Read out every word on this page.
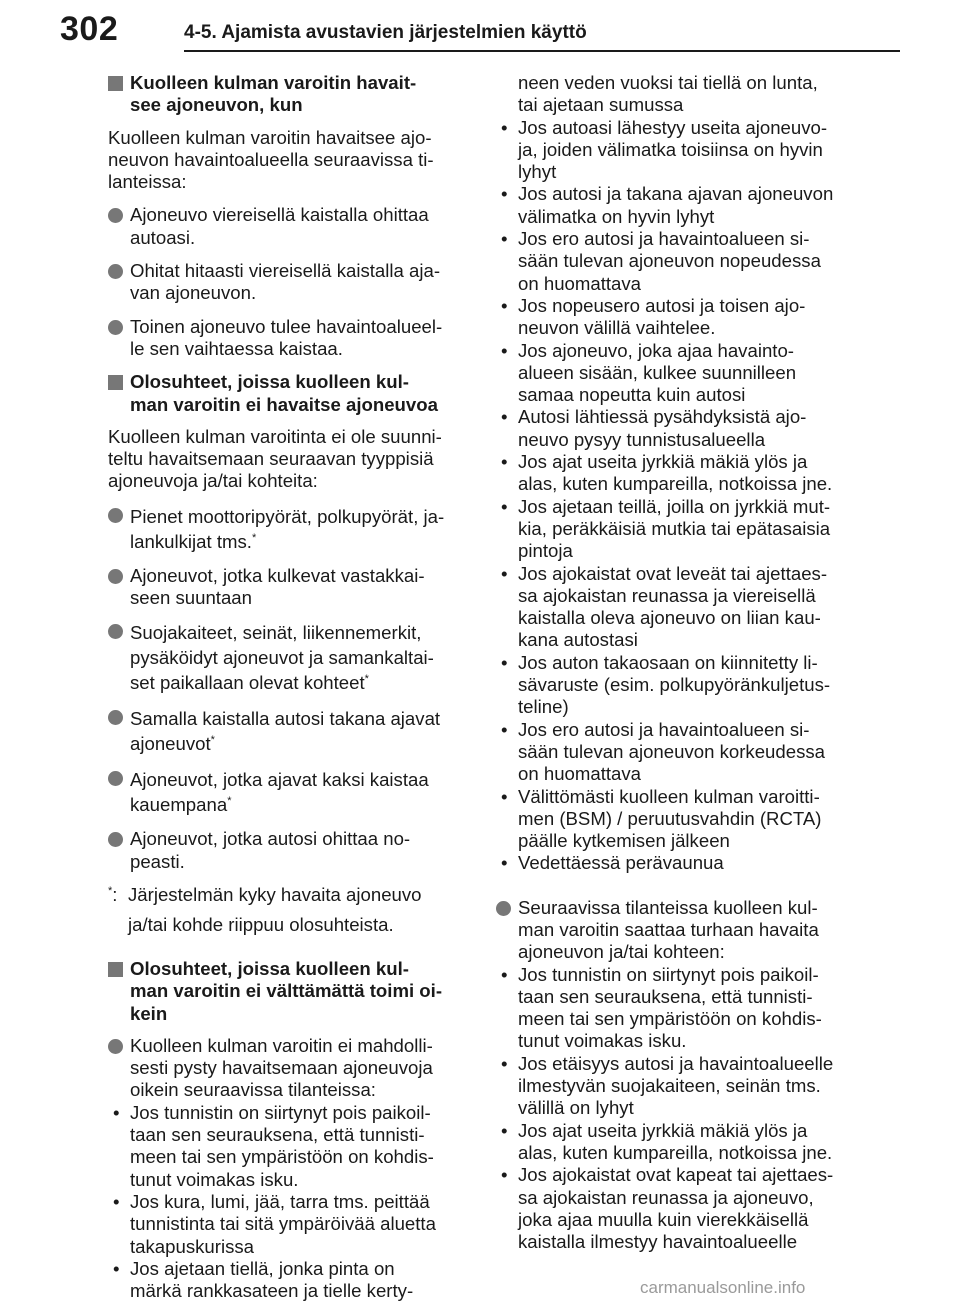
302	4-5. Ajamista avustavien järjestelmien käyttö
Kuolleen kulman varoitin havait-
see ajoneuvon, kun
Kuolleen kulman varoitin havaitsee ajo-
neuvon havaintoalueella seuraavissa ti-
lanteissa:
Ajoneuvo viereisellä kaistalla ohittaa
autoasi.
Ohitat hitaasti viereisellä kaistalla aja-
van ajoneuvon.
Toinen ajoneuvo tulee havaintoalueel-
le sen vaihtaessa kaistaa.
Olosuhteet, joissa kuolleen kul-
man varoitin ei havaitse ajoneuvoa
Kuolleen kulman varoitinta ei ole suunni-
teltu havaitsemaan seuraavan tyyppisiä
ajoneuvoja ja/tai kohteita:
Pienet moottoripyörät, polkupyörät, ja-
lankulkijat tms.*
Ajoneuvot, jotka kulkevat vastakkai-
seen suuntaan
Suojakaiteet, seinät, liikennemerkit,
pysäköidyt ajoneuvot ja samankaltai-
set paikallaan olevat kohteet*
Samalla kaistalla autosi takana ajavat
ajoneuvot*
Ajoneuvot, jotka ajavat kaksi kaistaa
kauempana*
Ajoneuvot, jotka autosi ohittaa no-
peasti.
*: Järjestelmän kyky havaita ajoneuvo
ja/tai kohde riippuu olosuhteista.
Olosuhteet, joissa kuolleen kul-
man varoitin ei välttämättä toimi oi-
kein
Kuolleen kulman varoitin ei mahdolli-
sesti pysty havaitsemaan ajoneuvoja
oikein seuraavissa tilanteissa:
• Jos tunnistin on siirtynyt pois paikoil-
taan sen seurauksena, että tunnisti-
meen tai sen ympäristöön on kohdis-
tunut voimakas isku.
• Jos kura, lumi, jää, tarra tms. peittää
tunnistinta tai sitä ympäröivää aluetta
takapuskurissa
• Jos ajetaan tiellä, jonka pinta on
märkä rankkasateen ja tielle kerty-
neen veden vuoksi tai tiellä on lunta,
tai ajetaan sumussa
• Jos autoasi lähestyy useita ajoneuvo-
ja, joiden välimatka toisiinsa on hyvin
lyhyt
• Jos autosi ja takana ajavan ajoneuvon
välimatka on hyvin lyhyt
• Jos ero autosi ja havaintoalueen si-
sään tulevan ajoneuvon nopeudessa
on huomattava
• Jos nopeusero autosi ja toisen ajo-
neuvon välillä vaihtelee.
• Jos ajoneuvo, joka ajaa havainto-
alueen sisään, kulkee suunnilleen
samaa nopeutta kuin autosi
• Autosi lähtiessä pysähdyksistä ajo-
neuvo pysyy tunnistusalueella
• Jos ajat useita jyrkkiä mäkiä ylös ja
alas, kuten kumpareilla, notkoissa jne.
• Jos ajetaan teillä, joilla on jyrkkiä mut-
kia, peräkkäisiä mutkia tai epätasaisia
pintoja
• Jos ajokaistat ovat leveät tai ajettaes-
sa ajokaistan reunassa ja viereisellä
kaistalla oleva ajoneuvo on liian kau-
kana autostasi
• Jos auton takaosaan on kiinnitetty li-
sävaruste (esim. polkupyöränkuljetus-
teline)
• Jos ero autosi ja havaintoalueen si-
sään tulevan ajoneuvon korkeudessa
on huomattava
• Välittömästi kuolleen kulman varoitti-
men (BSM) / peruutusvahdin (RCTA)
päälle kytkemisen jälkeen
• Vedettäessä perävaunua
Seuraavissa tilanteissa kuolleen kul-
man varoitin saattaa turhaan havaita
ajoneuvon ja/tai kohteen:
• Jos tunnistin on siirtynyt pois paikoil-
taan sen seurauksena, että tunnisti-
meen tai sen ympäristöön on kohdis-
tunut voimakas isku.
• Jos etäisyys autosi ja havaintoalueelle
ilmestyvän suojakaiteen, seinän tms.
välillä on lyhyt
• Jos ajat useita jyrkkiä mäkiä ylös ja
alas, kuten kumpareilla, notkoissa jne.
• Jos ajokaistat ovat kapeat tai ajettaes-
sa ajokaistan reunassa ja ajoneuvo,
joka ajaa muulla kuin vierekkäisellä
kaistalla ilmestyy havaintoalueelle
carmanualsonline.info
